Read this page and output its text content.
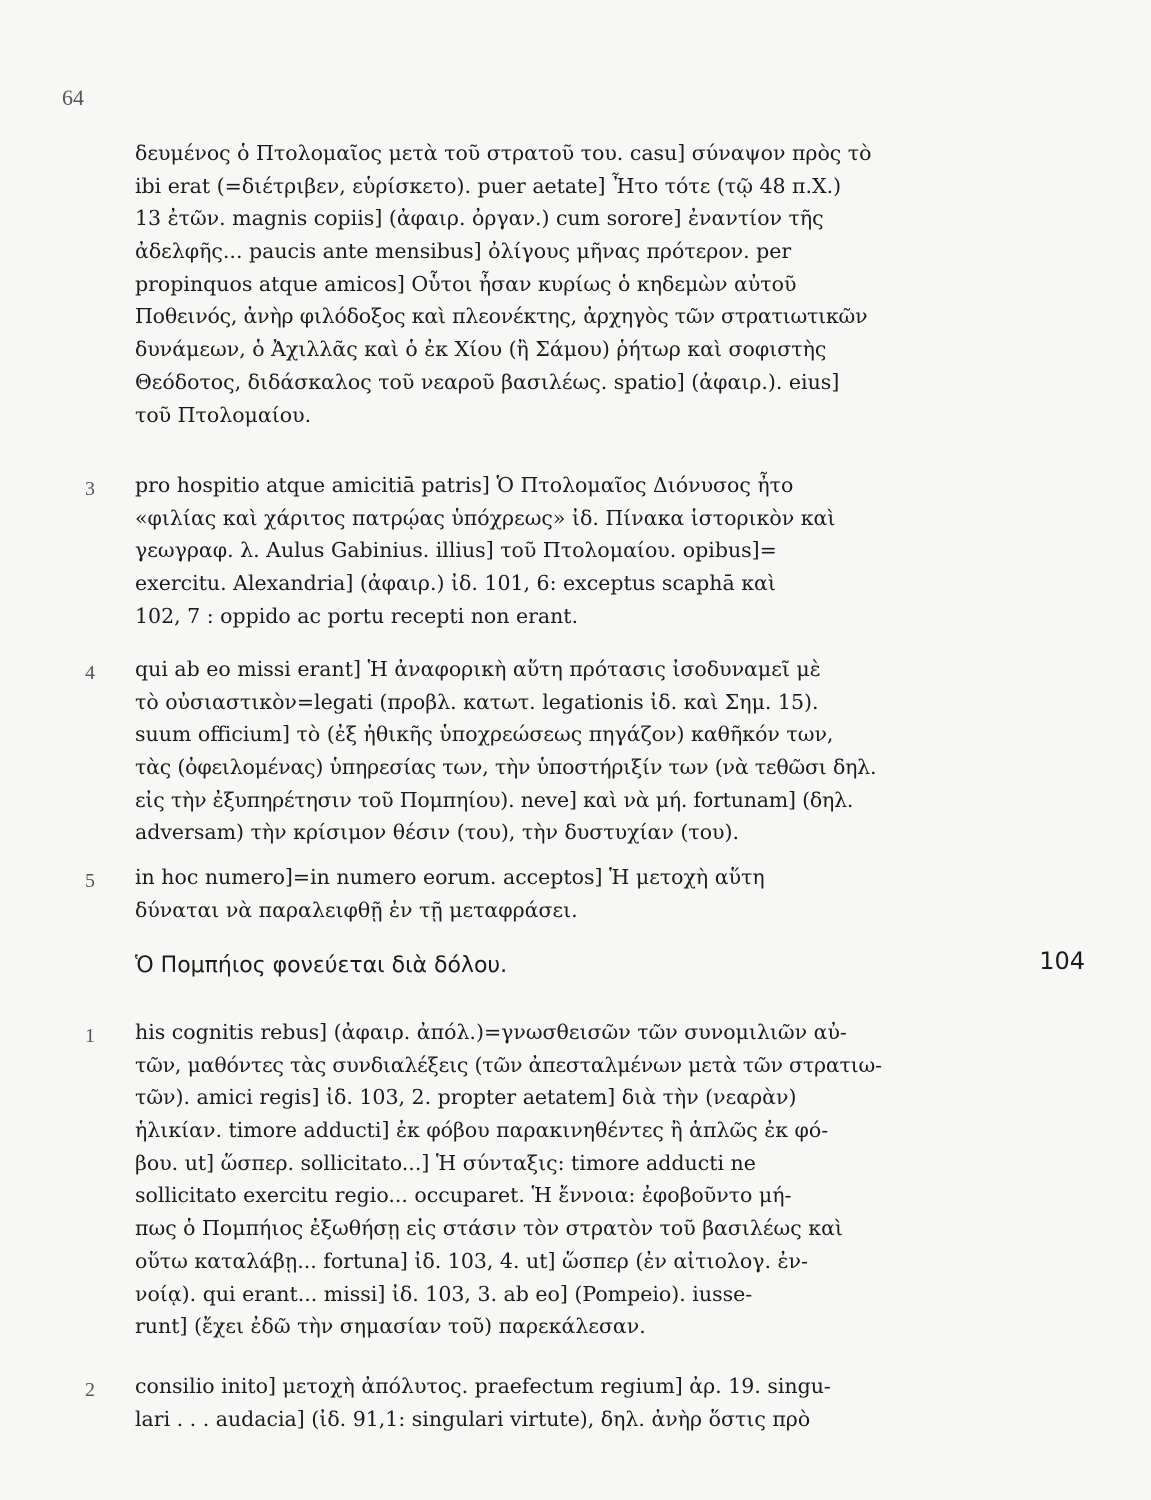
64
δευμένος ὁ Πτολομαῖος μετὰ τοῦ στρατοῦ του. casu] σύναψον πρὸς τὸ
ibi erat (=διέτριβεν, εὑρίσκετο). puer aetate] Ἦτο τότε (τῷ 48 π.Χ.)
13 ἐτῶν. magnis copiis] (ἀφαιρ. ὀργαν.) cum sorore] ἐναντίον τῆς
ἀδελφῆς... paucis ante mensibus] ὀλίγους μῆνας πρότερον. per
propinquos atque amicos] Οὗτοι ἦσαν κυρίως ὁ κηδεμὼν αὐτοῦ
Ποθεινός, ἀνὴρ φιλόδοξος καὶ πλεονέκτης, ἀρχηγὸς τῶν στρατιωτικῶν
δυνάμεων, ὁ Ἀχιλλᾶς καὶ ὁ ἐκ Χίου (ἢ Σάμου) ῥήτωρ καὶ σοφιστὴς
Θεόδοτος, διδάσκαλος τοῦ νεαροῦ βασιλέως. spatio] (ἀφαιρ.). eius]
τοῦ Πτολομαίου.
3	pro hospitio atque amicitiā patris] Ὁ Πτολομαῖος Διόνυσος ἦτο
«φιλίας καὶ χάριτος πατρῴας ὑπόχρεως» ἰδ. Πίνακα ἱστορικὸν καὶ
γεωγραφ. λ. Aulus Gabinius. illius] τοῦ Πτολομαίου. opibus]=
exercitu. Alexandria] (ἀφαιρ.) ἰδ. 101, 6: exceptus scaphā καὶ
102, 7 : oppido ac portu recepti non erant.
4	qui ab eo missi erant] Ἡ ἀναφορικὴ αὕτη πρότασις ἰσοδυναμεῖ μὲ
τὸ οὐσιαστικὸν=legati (προβλ. κατωτ. legationis ἰδ. καὶ Σημ. 15).
suum officium] τὸ (ἐξ ἠθικῆς ὑποχρεώσεως πηγάζον) καθῆκόν των,
τὰς (ὀφειλομένας) ὑπηρεσίας των, τὴν ὑποστήριξίν των (νὰ τεθῶσι δηλ.
εἰς τὴν ἐξυπηρέτησιν τοῦ Πομπηίου). neve] καὶ νὰ μή. fortunam] (δηλ.
adversam) τὴν κρίσιμον θέσιν (του), τὴν δυστυχίαν (του).
5	in hoc numero]=in numero eorum. acceptos] Ἡ μετοχὴ αὕτη
δύναται νὰ παραλειφθῇ ἐν τῇ μεταφράσει.
Ὁ Πομπήιος φονεύεται διὰ δόλου.	104
1	his cognitis rebus] (ἀφαιρ. ἀπόλ.)=γνωσθεισῶν τῶν συνομιλιῶν αὐ-
τῶν, μαθόντες τὰς συνδιαλέξεις (τῶν ἀπεσταλμένων μετὰ τῶν στρατιω-
τῶν). amici regis] ἰδ. 103, 2. propter aetatem] διὰ τὴν (νεαρὰν)
ἡλικίαν. timore adducti] ἐκ φόβου παρακινηθέντες ἢ ἁπλῶς ἐκ φό-
βου. ut] ὥσπερ. sollicitato...] Ἡ σύνταξις: timore adducti ne
sollicitato exercitu regio... occuparet. Ἡ ἔννοια: ἐφοβοῦντο μή-
πως ὁ Πομπήιος ἐξωθήσῃ εἰς στάσιν τὸν στρατὸν τοῦ βασιλέως καὶ
οὕτω καταλάβῃ... fortuna] ἰδ. 103, 4. ut] ὥσπερ (ἐν αἰτιολογ. ἐν-
νοίᾳ). qui erant... missi] ἰδ. 103, 3. ab eo] (Pompeio). iusse-
runt] (ἔχει ἐδῶ τὴν σημασίαν τοῦ) παρεκάλεσαν.
2	consilio inito] μετοχὴ ἀπόλυτος. praefectum regium] ἀρ. 19. singu-
lari . . . audacia] (ἰδ. 91,1: singulari virtute), δηλ. ἀνὴρ ὅστις πρὸ
